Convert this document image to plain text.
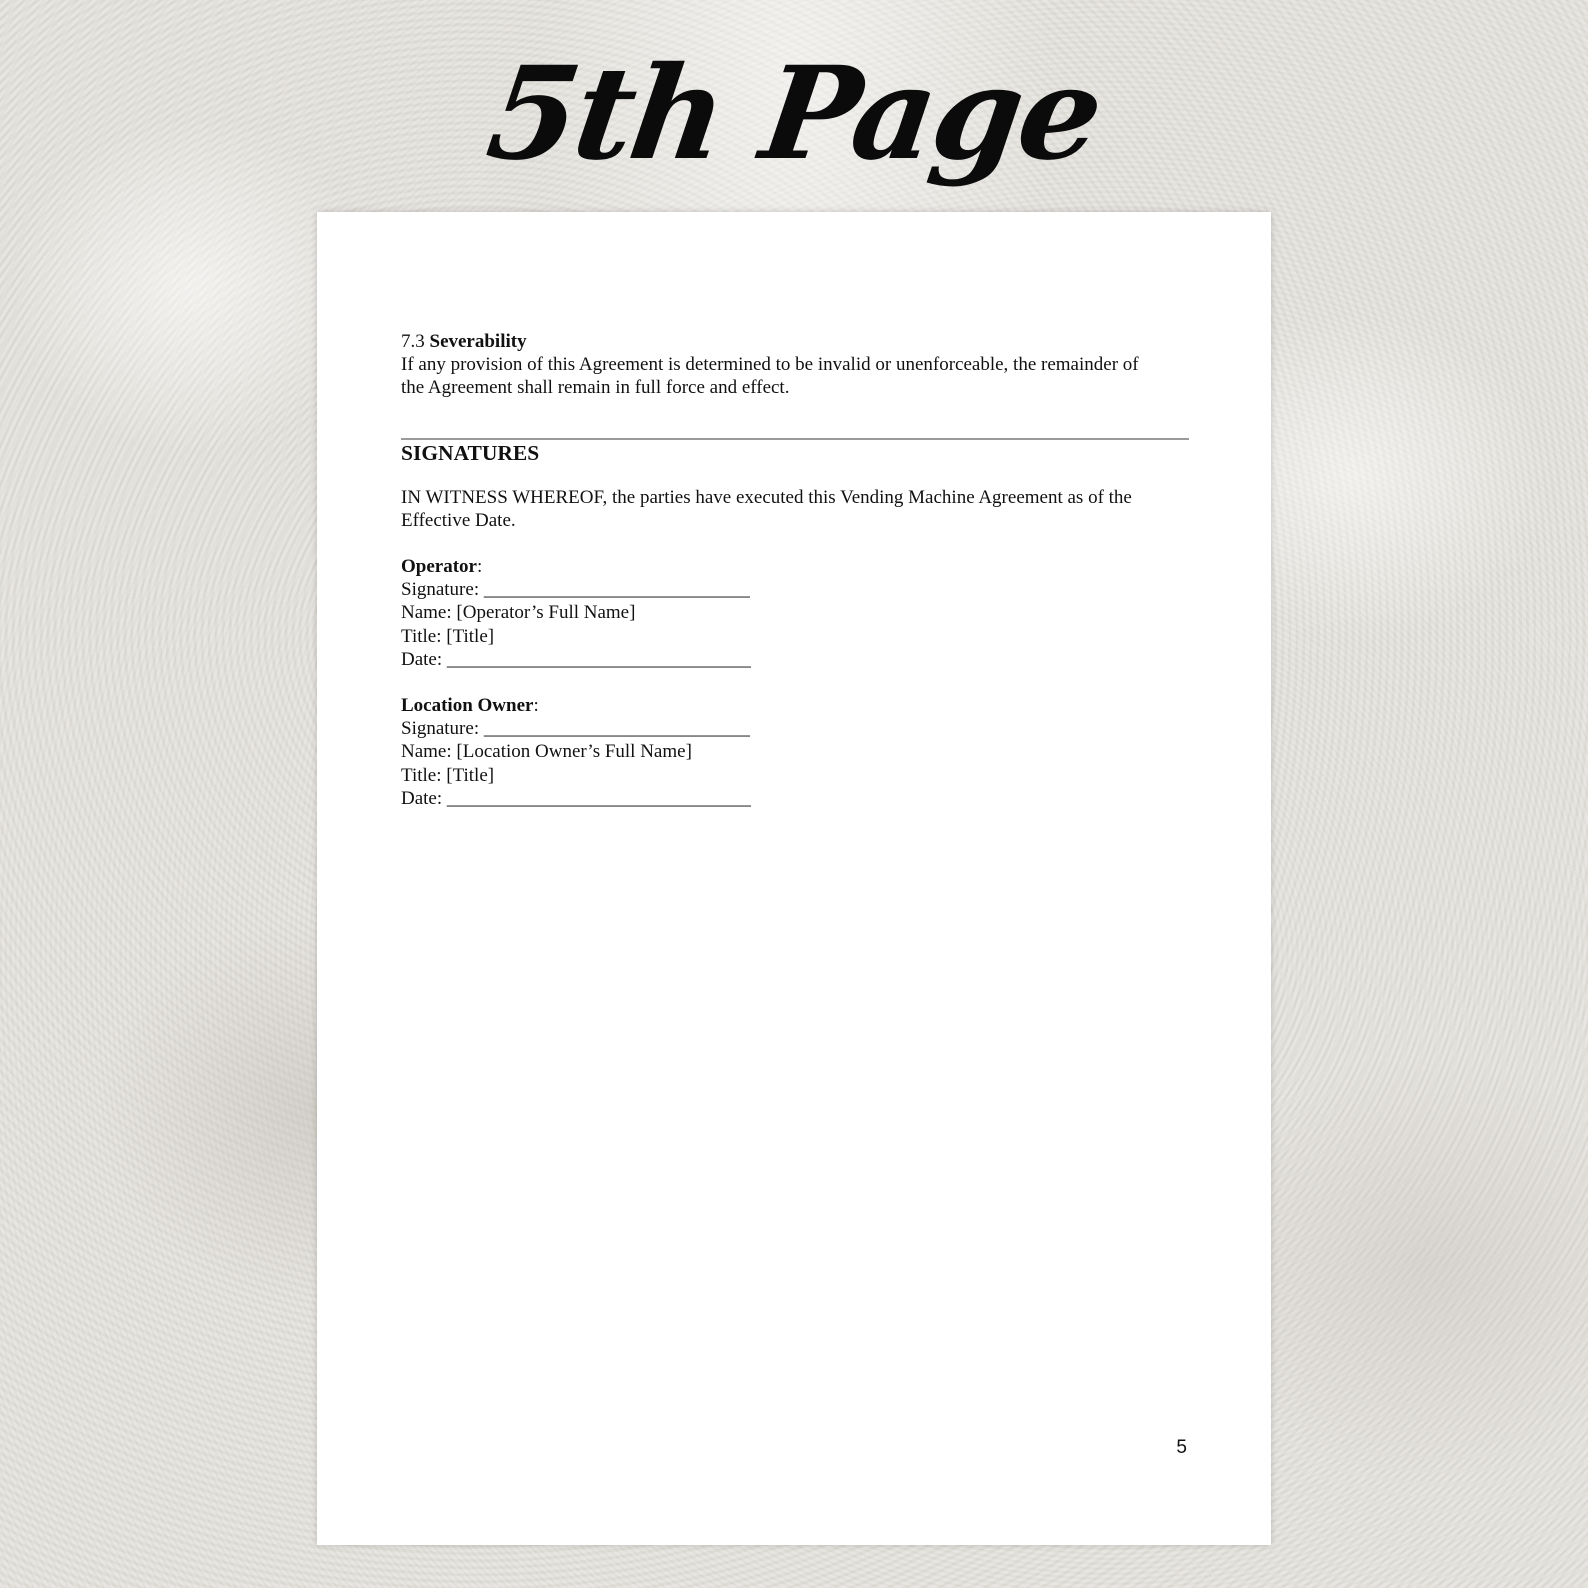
5th Page

7.3 Severability

If any provision of this Agreement is determined to be invalid or unenforceable, the remainder of

the Agreement shall remain in full force and effect.

SIGNATURES

IN WITNESS WHEREOF, the parties have executed this Vending Machine Agreement as of the

Effective Date.

Operator:

Signature: ____________________________

Name: [Operator’s Full Name]

Title: [Title]

Date: ________________________________

Location Owner:

Signature: ____________________________

Name: [Location Owner’s Full Name]

Title: [Title]

Date: ________________________________

5
